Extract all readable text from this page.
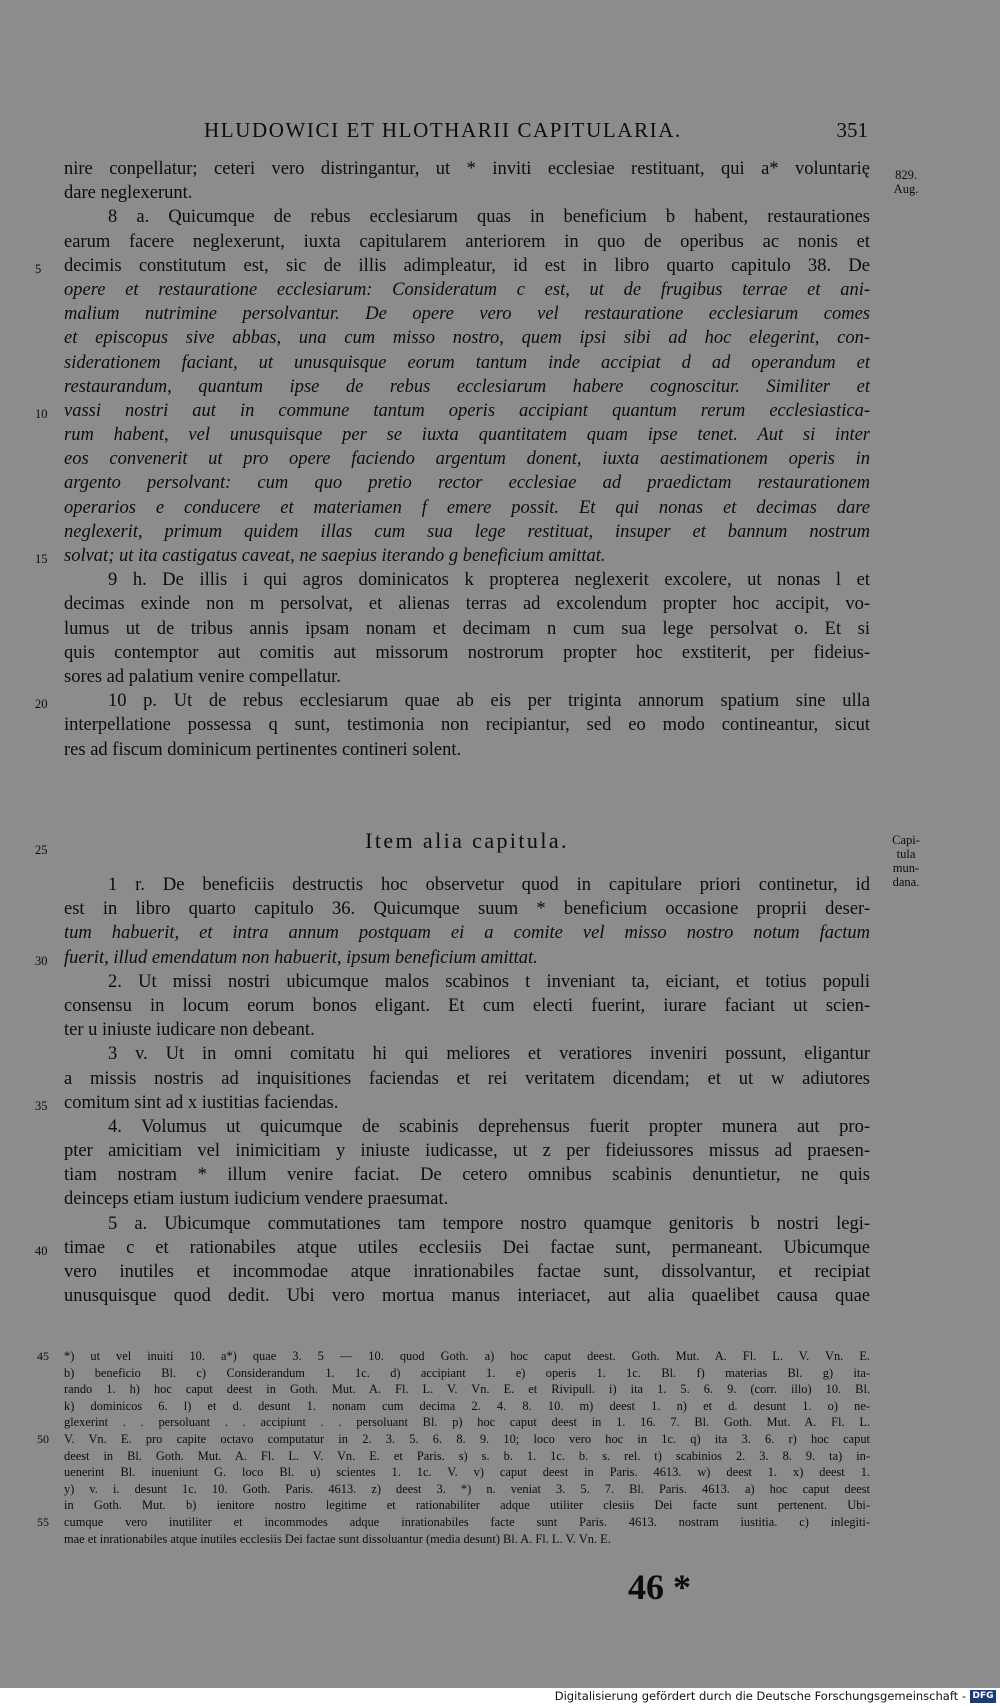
HLUDOWICI ET HLOTHARII CAPITULARIA.	351
829.
Aug.
nire conpellatur; ceteri vero distringantur, ut * inviti ecclesiae restituant, qui a* voluntarię
dare neglexerunt.
8 a. Quicumque de rebus ecclesiarum quas in beneficium b habent, restaurationes
earum facere neglexerunt, iuxta capitularem anteriorem in quo de operibus ac nonis et
decimis constitutum est, sic de illis adimpleatur, id est in libro quarto capitulo 38. De
5
opere et restauratione ecclesiarum: Consideratum c est, ut de frugibus terrae et ani-
malium nutrimine persolvantur. De opere vero vel restauratione ecclesiarum comes
et episcopus sive abbas, una cum misso nostro, quem ipsi sibi ad hoc elegerint, con-
siderationem faciant, ut unusquisque eorum tantum inde accipiat d ad operandum et
restaurandum, quantum ipse de rebus ecclesiarum habere cognoscitur. Similiter et
10 vassi nostri aut in commune tantum operis accipiant quantum rerum ecclesiastica-
rum habent, vel unusquisque per se iuxta quantitatem quam ipse tenet. Aut si inter
eos convenerit ut pro opere faciendo argentum donent, iuxta aestimationem operis in
argento persolvant: cum quo pretio rector ecclesiae ad praedictam restaurationem
operarios e conducere et materiamen f emere possit. Et qui nonas et decimas dare
15
neglexerit, primum quidem illas cum sua lege restituat, insuper et bannum nostrum
solvat; ut ita castigatus caveat, ne saepius iterando g beneficium amittat.
9 h. De illis i qui agros dominicatos k propterea neglexerit excolere, ut nonas l et
decimas exinde non m persolvat, et alienas terras ad excolendum propter hoc accipit, vo-
lumus ut de tribus annis ipsam nonam et decimam n cum sua lege persolvat o. Et si
20
quis contemptor aut comitis aut missorum nostrorum propter hoc exstiterit, per fideius-
sores ad palatium venire compellatur.
10 p. Ut de rebus ecclesiarum quae ab eis per triginta annorum spatium sine ulla
interpellatione possessa q sunt, testimonia non recipiantur, sed eo modo contineantur, sicut
res ad fiscum dominicum pertinentes contineri solent.
25	Item alia capitula.	Capi-
tula
mun-
dana.
1 r. De beneficiis destructis hoc observetur quod in capitulare priori continetur, id
est in libro quarto capitulo 36. Quicumque suum * beneficium occasione proprii deser-
tum habuerit, et intra annum postquam ei a comite vel misso nostro notum factum
fuerit, illud emendatum non habuerit, ipsum beneficium amittat.
30
2. Ut missi nostri ubicumque malos scabinos t inveniant ta, eiciant, et totius populi
consensu in locum eorum bonos eligant. Et cum electi fuerint, iurare faciant ut scien-
ter u iniuste iudicare non debeant.
3 v. Ut in omni comitatu hi qui meliores et veratiores inveniri possunt, eligantur
a missis nostris ad inquisitiones faciendas et rei veritatem dicendam; et ut w adiutores
35 comitum sint ad x iustitias faciendas.
4. Volumus ut quicumque de scabinis deprehensus fuerit propter munera aut pro-
pter amicitiam vel inimicitiam y iniuste iudicasse, ut z per fideiussores missus ad praesen-
tiam nostram * illum venire faciat. De cetero omnibus scabinis denuntietur, ne quis
deinceps etiam iustum iudicium vendere praesumat.
40
5 a. Ubicumque commutationes tam tempore nostro quamque genitoris b nostri legi-
timae c et rationabiles atque utiles ecclesiis Dei factae sunt, permaneant. Ubicumque
vero inutiles et incommodae atque inrationabiles factae sunt, dissolvantur, et recipiat
unusquisque quod dedit. Ubi vero mortua manus interiacet, aut alia quaelibet causa quae
*) ut vel inuiti 10. a*) quae 3. 5 — 10. quod Goth. a) hoc caput deest. Goth. Mut. A. Fl. L. V. Vn. E.
45
b) beneficio Bl. c) Considerandum 1. 1c. d) accipiant 1. e) operis 1. 1c. Bl. f) materias Bl. g) ita-
rando 1. h) hoc caput deest in Goth. Mut. A. Fl. L. V. Vn. E. et Rivipull. i) ita 1. 5. 6. 9. (corr. illo) 10. Bl.
k) dominicos 6. l) et d. desunt 1. nonam cum decima 2. 4. 8. 10. m) deest 1. n) et d. desunt 1. o) ne-
glexerint . . persoluant . . accipiunt . . persoluant Bl. p) hoc caput deest in 1. 16. 7. Bl. Goth. Mut. A. Fl. L.
V. Vn. E. pro capite octavo computatur in 2. 3. 5. 6. 8. 9. 10; loco vero hoc in 1c. q) ita 3. 6. r) hoc caput
50
deest in Bl. Goth. Mut. A. Fl. L. V. Vn. E. et Paris. s) s. b. 1. 1c. b. s. rel. t) scabinios 2. 3. 8. 9. ta) in-
uenerint Bl. inueniunt G. loco Bl. u) scientes 1. 1c. V. v) caput deest in Paris. 4613. w) deest 1. x) deest 1.
y) v. i. desunt 1c. 10. Goth. Paris. 4613. z) deest 3. *) n. veniat 3. 5. 7. Bl. Paris. 4613. a) hoc caput deest
in Goth. Mut. b) ienitore nostro legitime et rationabiliter adque utiliter clesiis Dei facte sunt pertenent. Ubi-
cumque vero inutiliter et incommodes adque inrationabiles facte sunt Paris. 4613. nostram iustitia. c) inlegiti-
55
mae et inrationabiles atque inutiles ecclesiis Dei factae sunt dissoluantur (media desunt) Bl. A. Fl. L. V. Vn. E.
46 *
Digitalisierung gefördert durch die Deutsche Forschungsgemeinschaft - DFG
